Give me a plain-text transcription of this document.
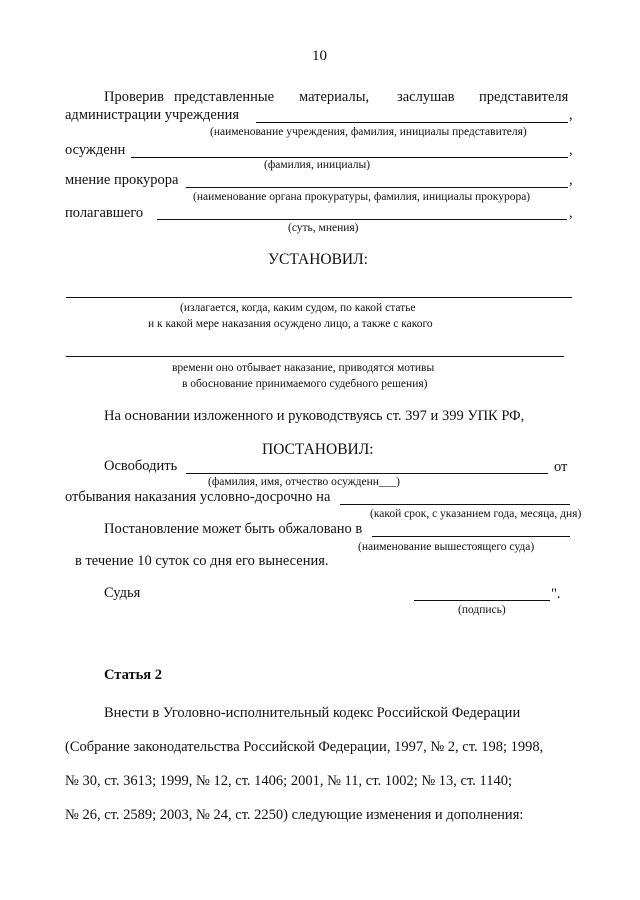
10
Проверив представленные материалы, заслушав представителя
администрации учреждения	,
(наименование учреждения, фамилия, инициалы представителя)
осужденн	,
(фамилия, инициалы)
мнение прокурора	,
(наименование органа прокуратуры, фамилия, инициалы прокурора)
полагавшего	,
(суть, мнения)
УСТАНОВИЛ:
(излагается, когда, каким судом, по какой статье
и к какой мере наказания осуждено лицо, а также с какого
времени оно отбывает наказание, приводятся мотивы
в обоснование принимаемого судебного решения)
На основании изложенного и руководствуясь ст. 397 и 399 УПК РФ,
ПОСТАНОВИЛ:
Освободить	от
(фамилия, имя, отчество осужденн___)
отбывания наказания условно-досрочно на
(какой срок, с указанием года, месяца, дня)
Постановление может быть обжаловано в
(наименование вышестоящего суда)
в течение 10 суток со дня его вынесения.
Судья	".
(подпись)
Статья 2
Внести в Уголовно-исполнительный кодекс Российской Федерации
(Собрание законодательства Российской Федерации, 1997, № 2, ст. 198; 1998,
№ 30, ст. 3613; 1999, № 12, ст. 1406; 2001, № 11, ст. 1002; № 13, ст. 1140;
№ 26, ст. 2589; 2003, № 24, ст. 2250) следующие изменения и дополнения:
